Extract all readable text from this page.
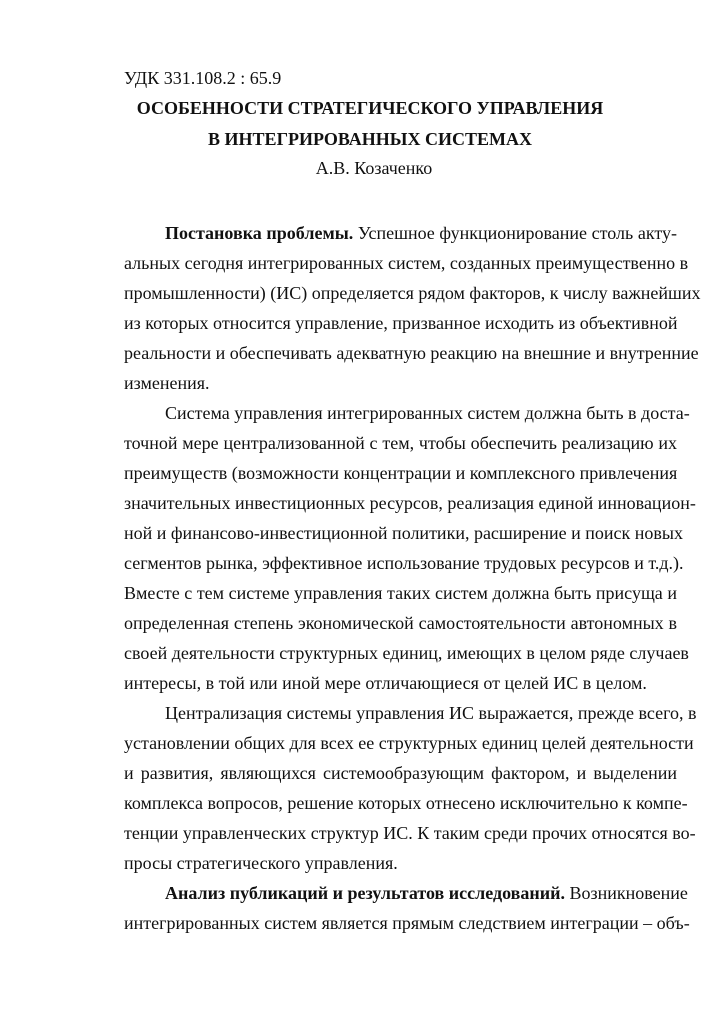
УДК 331.108.2 : 65.9
ОСОБЕННОСТИ СТРАТЕГИЧЕСКОГО УПРАВЛЕНИЯ
В ИНТЕГРИРОВАННЫХ СИСТЕМАХ
А.В. Козаченко
Постановка проблемы. Успешное функционирование столь акту-
альных сегодня интегрированных систем, созданных преимущественно в
промышленности) (ИС) определяется рядом факторов, к числу важнейших
из которых относится управление, призванное исходить из объективной
реальности и обеспечивать адекватную реакцию на внешние и внутренние
изменения.
Система управления интегрированных систем должна быть в доста-
точной мере централизованной с тем, чтобы обеспечить реализацию их
преимуществ (возможности концентрации и комплексного привлечения
значительных инвестиционных ресурсов, реализация единой инновацион-
ной и финансово-инвестиционной политики, расширение и поиск новых
сегментов рынка, эффективное использование трудовых ресурсов и т.д.).
Вместе с тем системе управления таких систем должна быть присуща и
определенная степень экономической самостоятельности автономных в
своей деятельности структурных единиц, имеющих в целом ряде случаев
интересы, в той или иной мере отличающиеся от целей ИС в целом.
Централизация системы управления ИС выражается, прежде всего, в
установлении общих для всех ее структурных единиц целей деятельности
и развития, являющихся системообразующим фактором, и выделении
комплекса вопросов, решение которых отнесено исключительно к компе-
тенции управленческих структур ИС. К таким среди прочих относятся во-
просы стратегического управления.
Анализ публикаций и результатов исследований. Возникновение
интегрированных систем является прямым следствием интеграции – объ-
